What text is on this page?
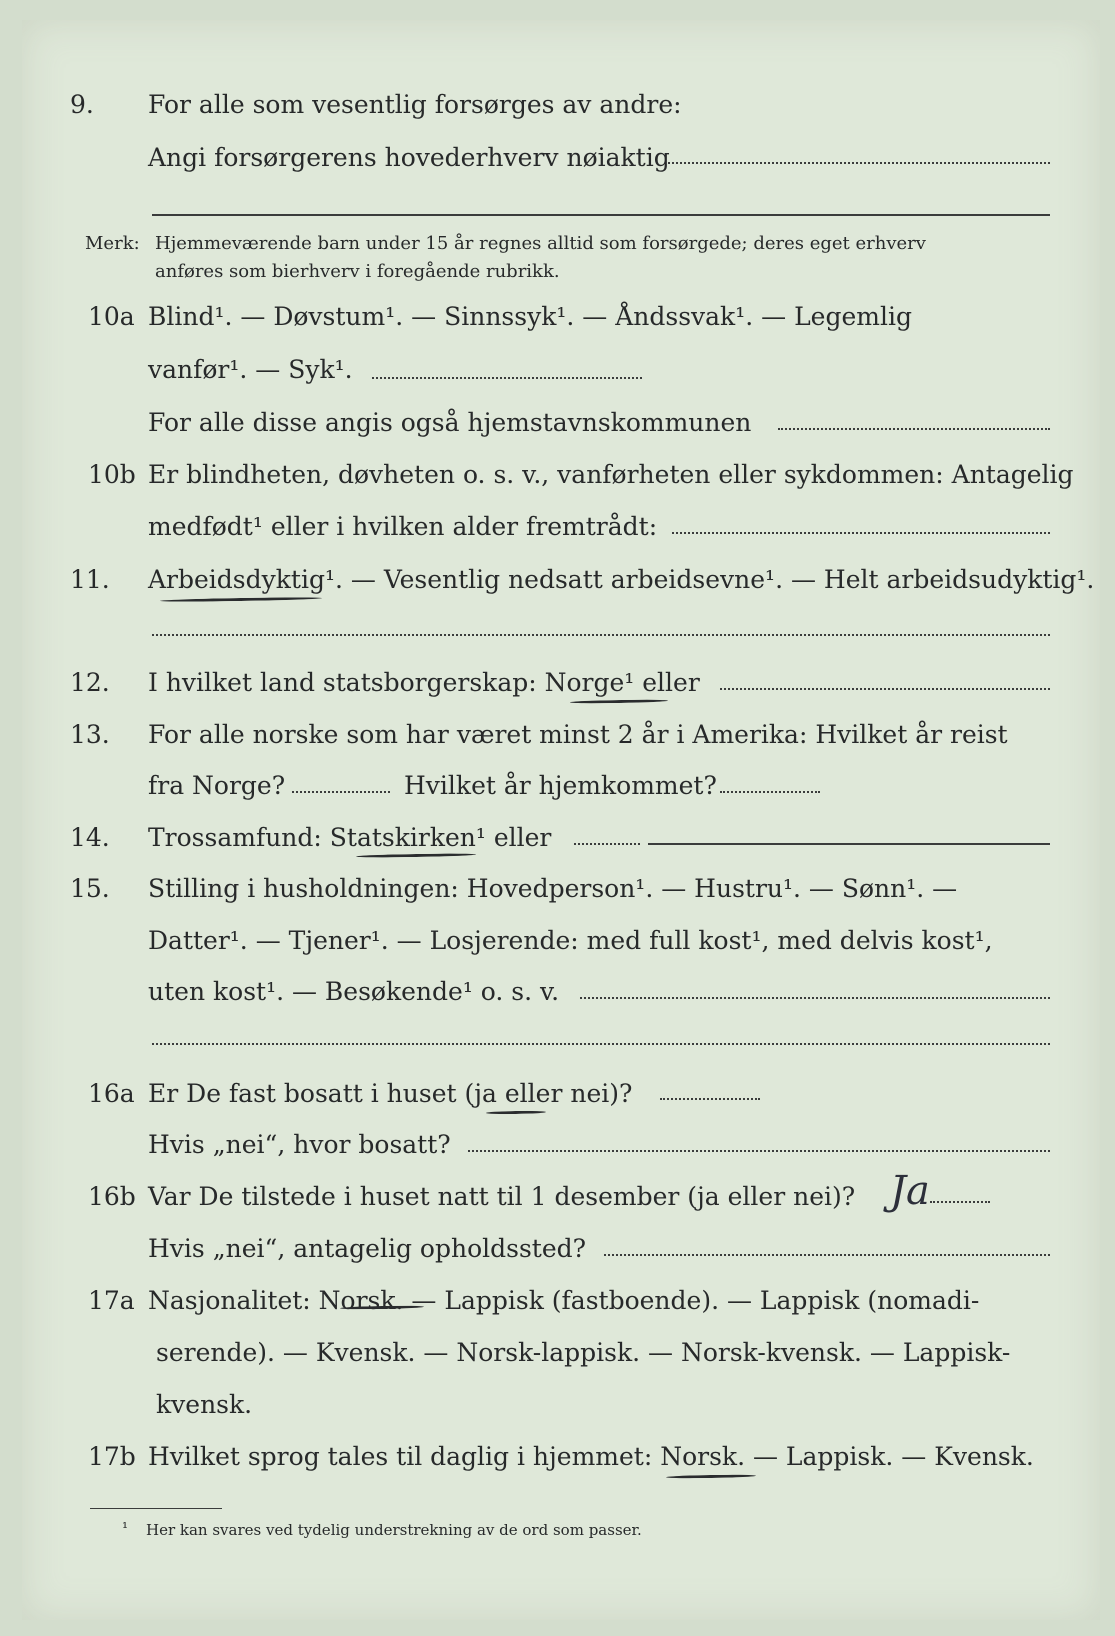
9. For alle som vesentlig forsørges av andre:
Angi forsørgerens hovederhverv nøiaktig
Merk: Hjemmeværende barn under 15 år regnes alltid som forsørgede; deres eget erhverv
anføres som bierhverv i foregående rubrikk.
10a Blind¹. — Døvstum¹. — Sinnssyk¹. — Åndssvak¹. — Legemlig
vanfør¹. — Syk¹.
For alle disse angis også hjemstavnskommunen
10b Er blindheten, døvheten o. s. v., vanførheten eller sykdommen: Antagelig
medfødt¹ eller i hvilken alder fremtrådt:
11. Arbeidsdyktig¹. — Vesentlig nedsatt arbeidsevne¹. — Helt arbeidsudyktig¹.
12. I hvilket land statsborgerskap: Norge¹ eller
13. For alle norske som har været minst 2 år i Amerika: Hvilket år reist
fra Norge?	Hvilket år hjemkommet?
14. Trossamfund: Statskirken¹ eller
15. Stilling i husholdningen: Hovedperson¹. — Hustru¹. — Sønn¹. —
Datter¹. — Tjener¹. — Losjerende: med full kost¹, med delvis kost¹,
uten kost¹. — Besøkende¹ o. s. v.
16a Er De fast bosatt i huset (ja eller nei)?
Hvis „nei“, hvor bosatt?
16b Var De tilstede i huset natt til 1 desember (ja eller nei)? Ja
Hvis „nei“, antagelig opholdssted?
17a Nasjonalitet: Norsk. — Lappisk (fastboende). — Lappisk (nomadi-
serende). — Kvensk. — Norsk-lappisk. — Norsk-kvensk. — Lappisk-
kvensk.
17b Hvilket sprog tales til daglig i hjemmet: Norsk. — Lappisk. — Kvensk.
¹ Her kan svares ved tydelig understrekning av de ord som passer.
